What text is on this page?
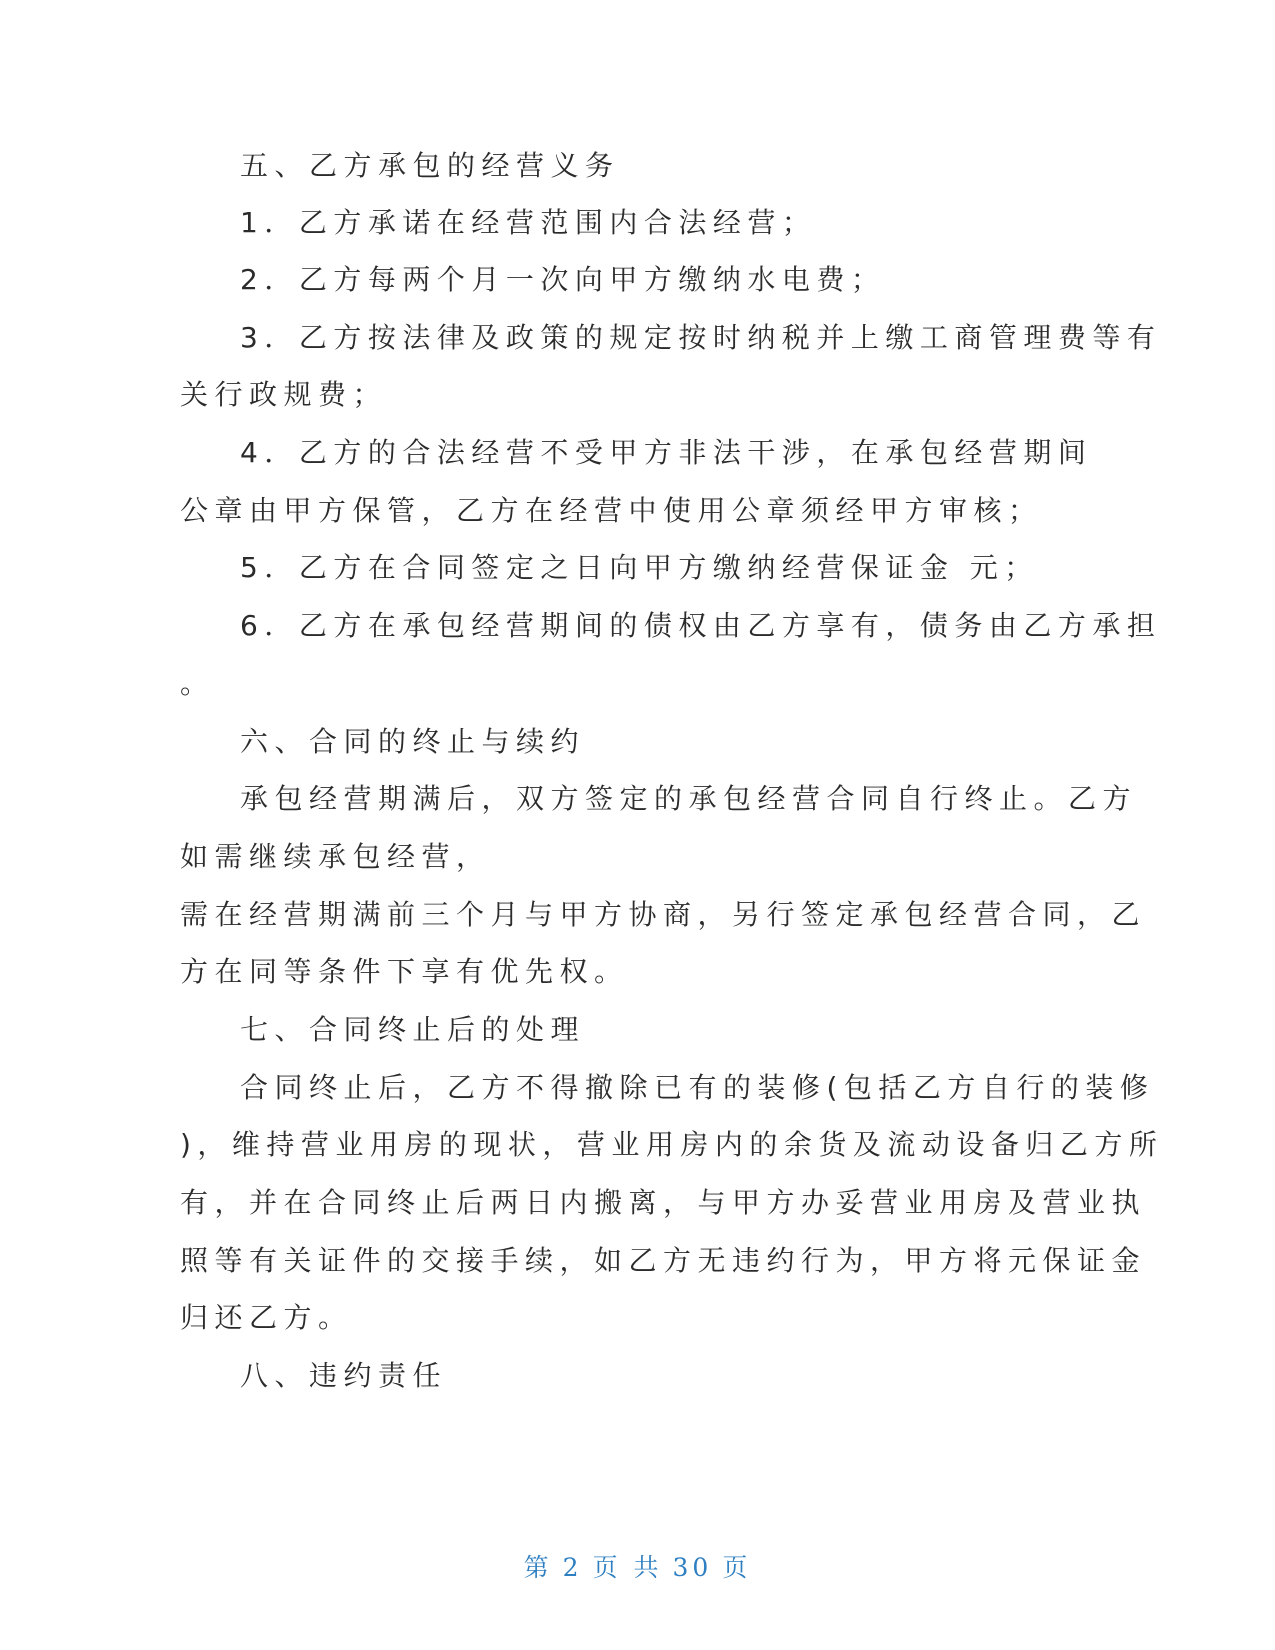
五、乙方承包的经营义务
1．乙方承诺在经营范围内合法经营；
2．乙方每两个月一次向甲方缴纳水电费；
3．乙方按法律及政策的规定按时纳税并上缴工商管理费等有
关行政规费；
4．乙方的合法经营不受甲方非法干涉，在承包经营期间
公章由甲方保管，乙方在经营中使用公章须经甲方审核；
5．乙方在合同签定之日向甲方缴纳经营保证金 元；
6．乙方在承包经营期间的债权由乙方享有，债务由乙方承担
。
六、合同的终止与续约
承包经营期满后，双方签定的承包经营合同自行终止。乙方
如需继续承包经营，
需在经营期满前三个月与甲方协商，另行签定承包经营合同，乙
方在同等条件下享有优先权。
七、合同终止后的处理
合同终止后，乙方不得撤除已有的装修(包括乙方自行的装修
)，维持营业用房的现状，营业用房内的余货及流动设备归乙方所
有，并在合同终止后两日内搬离，与甲方办妥营业用房及营业执
照等有关证件的交接手续，如乙方无违约行为，甲方将元保证金
归还乙方。
八、违约责任
第 2 页 共 30 页
